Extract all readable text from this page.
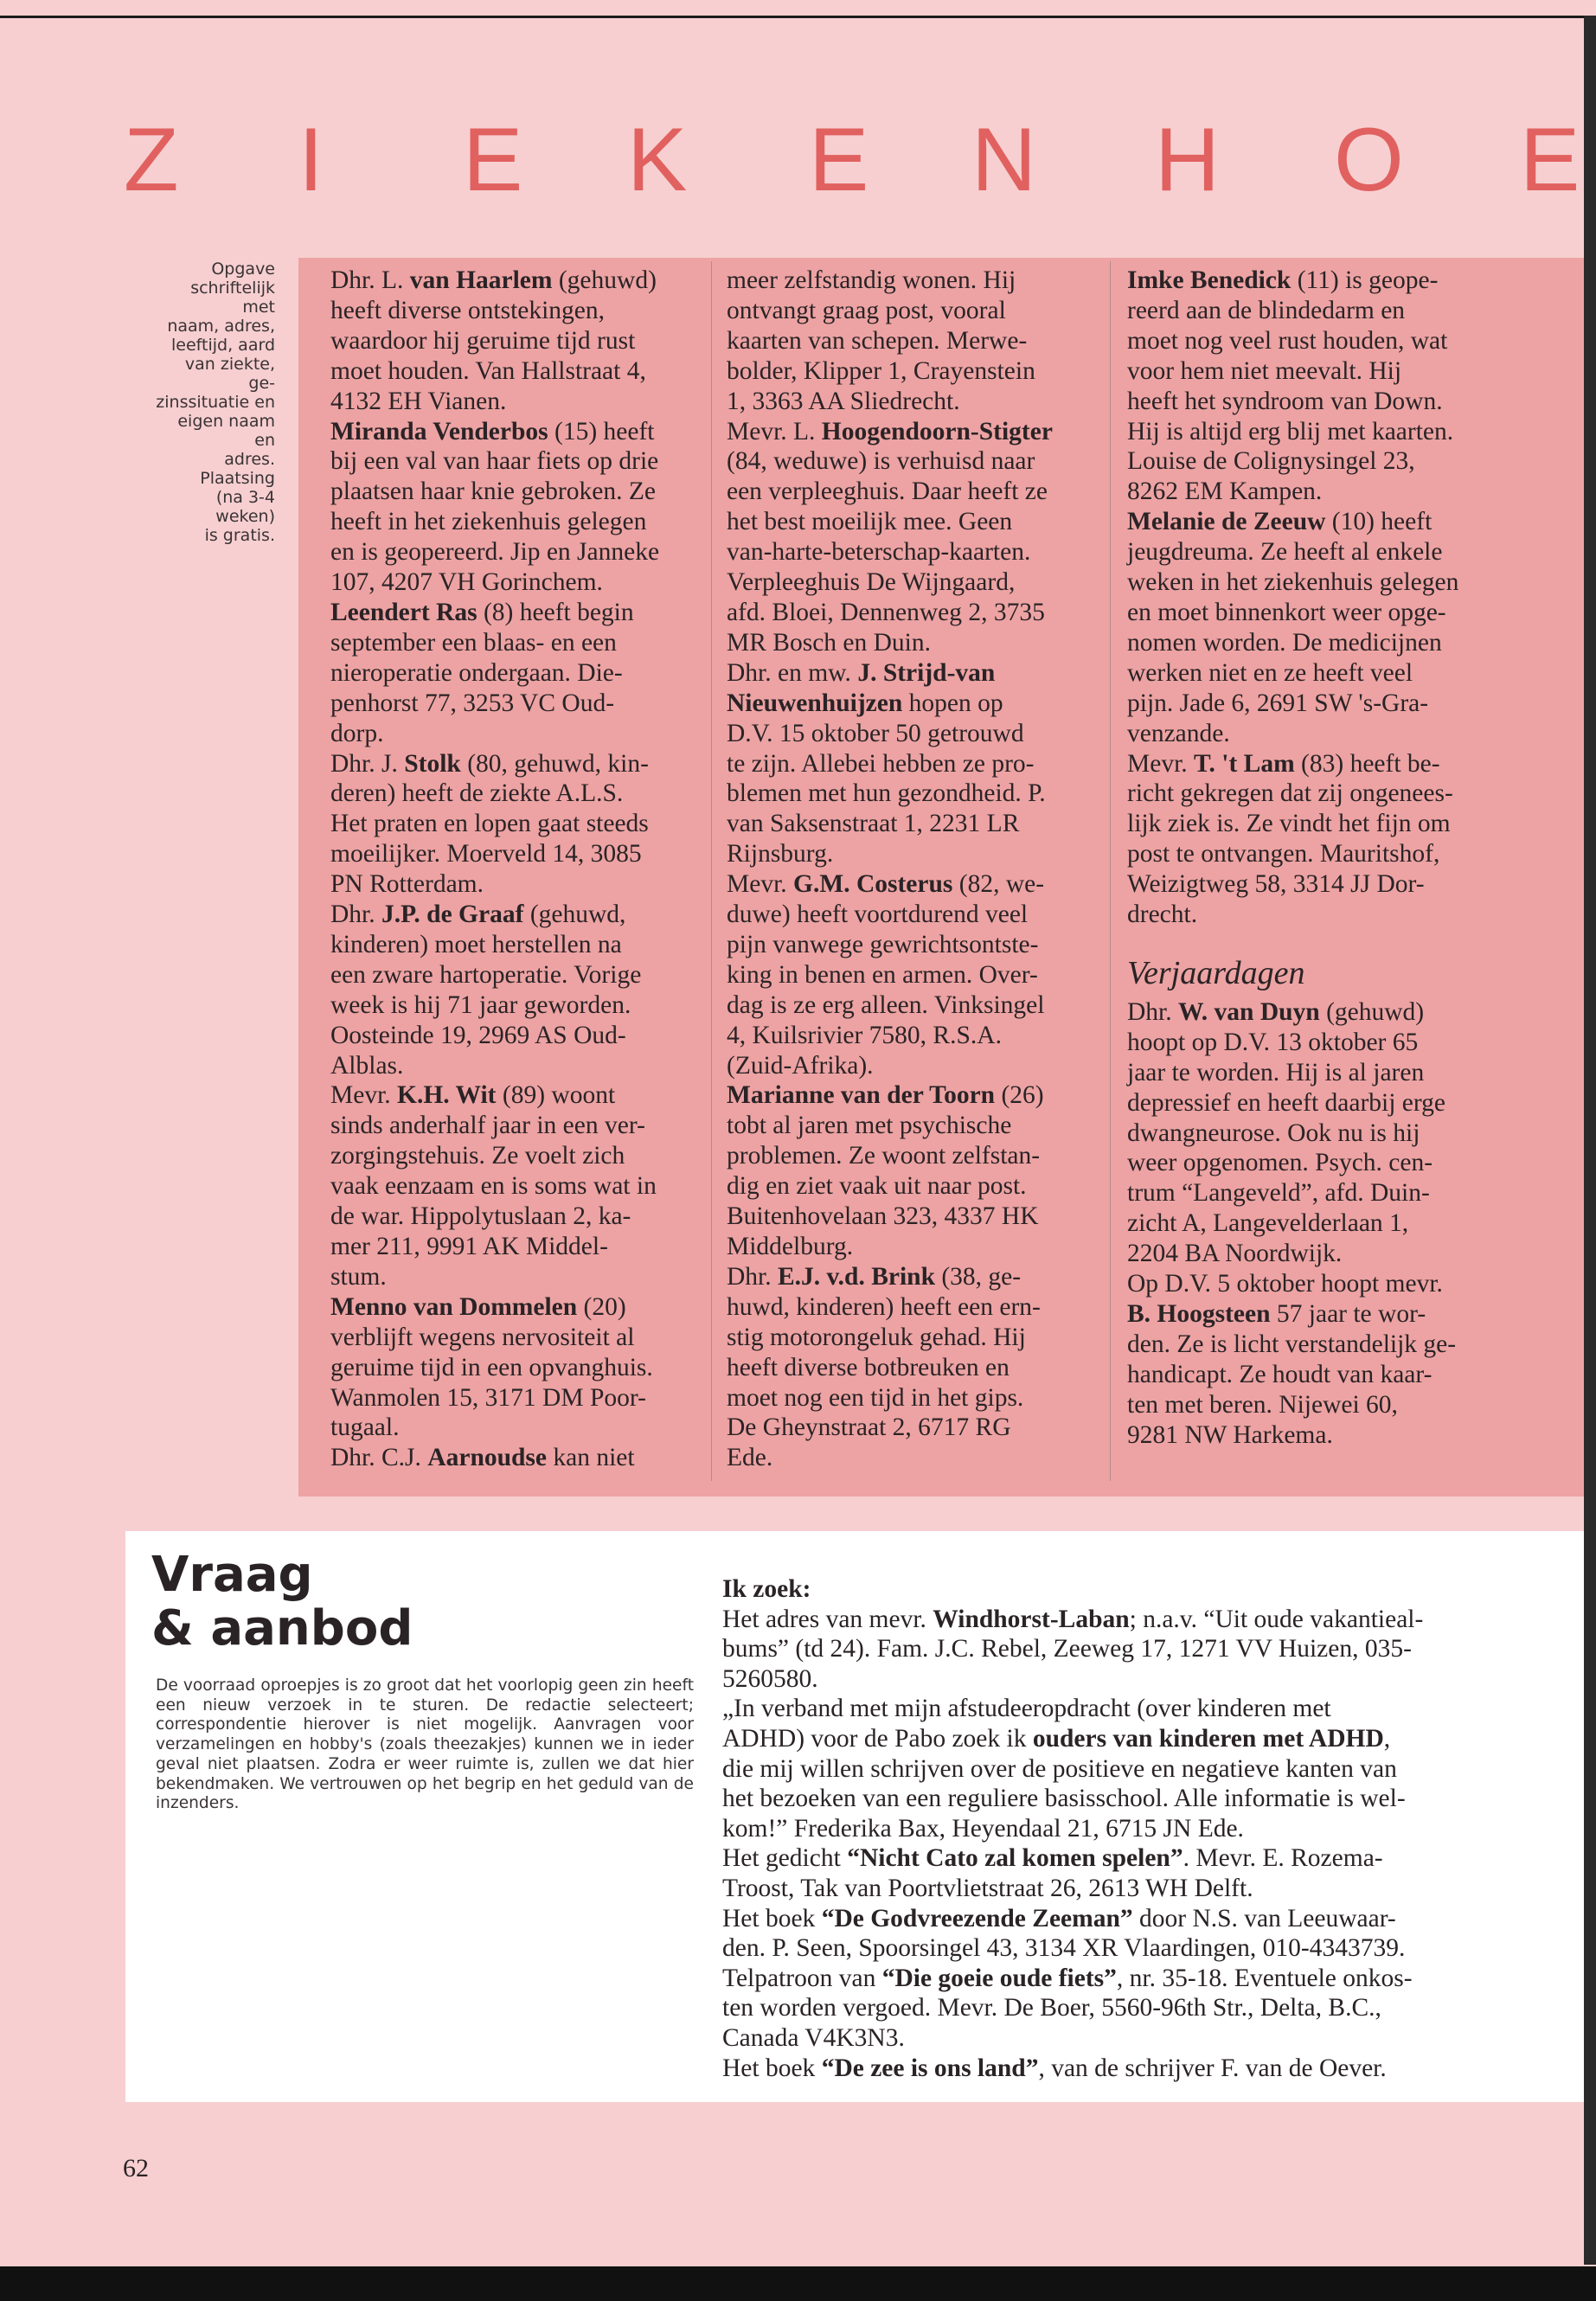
Z I E K E N H O E
Opgave
schriftelijk met
naam, adres,
leeftijd, aard
van ziekte, ge-
zinssituatie en
eigen naam en
adres. Plaatsing
(na 3-4 weken)
is gratis.

Dhr. L. van Haarlem (gehuwd)

heeft diverse ontstekingen,

waardoor hij geruime tijd rust

moet houden. Van Hallstraat 4,

4132 EH Vianen.

Miranda Venderbos (15) heeft

bij een val van haar fiets op drie

plaatsen haar knie gebroken. Ze

heeft in het ziekenhuis gelegen

en is geopereerd. Jip en Janneke

107, 4207 VH Gorinchem.

Leendert Ras (8) heeft begin

september een blaas- en een

nieroperatie ondergaan. Die-

penhorst 77, 3253 VC Oud-

dorp.

Dhr. J. Stolk (80, gehuwd, kin-

deren) heeft de ziekte A.L.S.

Het praten en lopen gaat steeds

moeilijker. Moerveld 14, 3085

PN Rotterdam.

Dhr. J.P. de Graaf (gehuwd,

kinderen) moet herstellen na

een zware hartoperatie. Vorige

week is hij 71 jaar geworden.

Oosteinde 19, 2969 AS Oud-

Alblas.

Mevr. K.H. Wit (89) woont

sinds anderhalf jaar in een ver-

zorgingstehuis. Ze voelt zich

vaak eenzaam en is soms wat in

de war. Hippolytuslaan 2, ka-

mer 211, 9991 AK Middel-

stum.

Menno van Dommelen (20)

verblijft wegens nervositeit al

geruime tijd in een opvanghuis.

Wanmolen 15, 3171 DM Poor-

tugaal.

Dhr. C.J. Aarnoudse kan niet

meer zelfstandig wonen. Hij

ontvangt graag post, vooral

kaarten van schepen. Merwe-

bolder, Klipper 1, Crayenstein

1, 3363 AA Sliedrecht.

Mevr. L. Hoogendoorn-Stigter

(84, weduwe) is verhuisd naar

een verpleeghuis. Daar heeft ze

het best moeilijk mee. Geen

van-harte-beterschap-kaarten.

Verpleeghuis De Wijngaard,

afd. Bloei, Dennenweg 2, 3735

MR Bosch en Duin.

Dhr. en mw. J. Strijd-van

Nieuwenhuijzen hopen op

D.V. 15 oktober 50 getrouwd

te zijn. Allebei hebben ze pro-

blemen met hun gezondheid. P.

van Saksenstraat 1, 2231 LR

Rijnsburg.

Mevr. G.M. Costerus (82, we-

duwe) heeft voortdurend veel

pijn vanwege gewrichtsontste-

king in benen en armen. Over-

dag is ze erg alleen. Vinksingel

4, Kuilsrivier 7580, R.S.A.

(Zuid-Afrika).

Marianne van der Toorn (26)

tobt al jaren met psychische

problemen. Ze woont zelfstan-

dig en ziet vaak uit naar post.

Buitenhovelaan 323, 4337 HK

Middelburg.

Dhr. E.J. v.d. Brink (38, ge-

huwd, kinderen) heeft een ern-

stig motorongeluk gehad. Hij

heeft diverse botbreuken en

moet nog een tijd in het gips.

De Gheynstraat 2, 6717 RG

Ede.

Imke Benedick (11) is geope-

reerd aan de blindedarm en

moet nog veel rust houden, wat

voor hem niet meevalt. Hij

heeft het syndroom van Down.

Hij is altijd erg blij met kaarten.

Louise de Colignysingel 23,

8262 EM Kampen.

Melanie de Zeeuw (10) heeft

jeugdreuma. Ze heeft al enkele

weken in het ziekenhuis gelegen

en moet binnenkort weer opge-

nomen worden. De medicijnen

werken niet en ze heeft veel

pijn. Jade 6, 2691 SW 's-Gra-

venzande.

Mevr. T. 't Lam (83) heeft be-

richt gekregen dat zij ongenees-

lijk ziek is. Ze vindt het fijn om

post te ontvangen. Mauritshof,

Weizigtweg 58, 3314 JJ Dor-

drecht.

Verjaardagen

Dhr. W. van Duyn (gehuwd)

hoopt op D.V. 13 oktober 65

jaar te worden. Hij is al jaren

depressief en heeft daarbij erge

dwangneurose. Ook nu is hij

weer opgenomen. Psych. cen-

trum “Langeveld”, afd. Duin-

zicht A, Langevelderlaan 1,

2204 BA Noordwijk.

Op D.V. 5 oktober hoopt mevr.

B. Hoogsteen 57 jaar te wor-

den. Ze is licht verstandelijk ge-

handicapt. Ze houdt van kaar-

ten met beren. Nijewei 60,

9281 NW Harkema.

Vraag
& aanbod
De voorraad oproepjes is zo groot dat het voorlopig geen zin heeft een nieuw verzoek in te sturen. De redactie selecteert; correspondentie hierover is niet mogelijk. Aanvragen voor verzamelingen en hobby's (zoals theezakjes) kunnen we in ieder geval niet plaatsen. Zodra er weer ruimte is, zullen we dat hier bekendmaken. We vertrouwen op het begrip en het geduld van de inzenders.

Ik zoek:

Het adres van mevr. Windhorst-Laban; n.a.v. “Uit oude vakantieal-

bums” (td 24). Fam. J.C. Rebel, Zeeweg 17, 1271 VV Huizen, 035-

5260580.

„In verband met mijn afstudeeropdracht (over kinderen met

ADHD) voor de Pabo zoek ik ouders van kinderen met ADHD,

die mij willen schrijven over de positieve en negatieve kanten van

het bezoeken van een reguliere basisschool. Alle informatie is wel-

kom!” Frederika Bax, Heyendaal 21, 6715 JN Ede.

Het gedicht “Nicht Cato zal komen spelen”. Mevr. E. Rozema-

Troost, Tak van Poortvlietstraat 26, 2613 WH Delft.

Het boek “De Godvreezende Zeeman” door N.S. van Leeuwaar-

den. P. Seen, Spoorsingel 43, 3134 XR Vlaardingen, 010-4343739.

Telpatroon van “Die goeie oude fiets”, nr. 35-18. Eventuele onkos-

ten worden vergoed. Mevr. De Boer, 5560-96th Str., Delta, B.C.,

Canada V4K3N3.

Het boek “De zee is ons land”, van de schrijver F. van de Oever.

62
